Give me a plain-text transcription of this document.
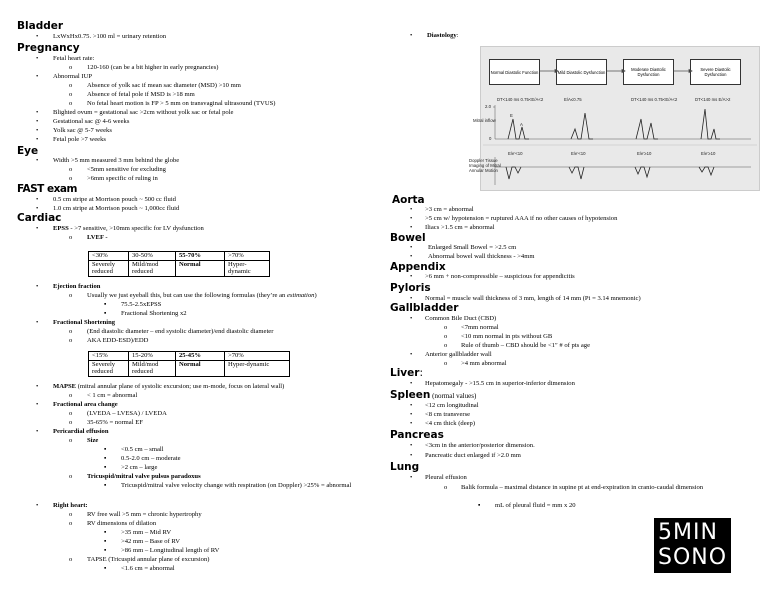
Bladder
• LxWxHx0.75. >100 ml = urinary retention
Pregnancy
• Fetal heart rate:
o 120-160 (can be a bit higher in early pregnancies)
• Abnormal IUP
o Absence of yolk sac if mean sac diameter (MSD) >10 mm
o Absence of fetal pole if MSD is >18 mm
o No fetal heart motion is FP > 5 mm on transvaginal ultrasound (TVUS)
• Blighted ovum = gestational sac >2cm without yolk sac or fetal pole
• Gestational sac @ 4-6 weeks
• Yolk sac @ 5-7 weeks
• Fetal pole >7 weeks
Eye
• Width >5 mm measured 3 mm behind the globe
o <5mm sensitive for excluding
o >6mm specific of ruling in
FAST exam
• 0.5 cm stripe at Morrison pouch ~ 500 cc fluid
• 1.0 cm stripe at Morrison pouch ~ 1,000cc fluid
Cardiac
• EPSS - >7 sensitive, >10mm specific for LV dysfunction
o LVEF -
<30%	30-50%	55-70%	>70%
Severely reduced	Mild/mod reduced	Normal	Hyper-dynamic
• Ejection fraction
o Usually we just eyeball this, but can use the following formulas (they’re an estimation)
▪ 75.5-2.5xEPSS
▪ Fractional Shortening x2
• Fractional Shortening
o (End diastolic diameter – end systolic diameter)/end diastolic diameter
o AKA EDD-ESD)/EDD
<15%	15-20%	25-45%	>70%
Severely reduced	Mild/mod reduced	Normal	Hyper-dynamic
• MAPSE (mitral annular plane of systolic excursion; use m-mode, focus on lateral wall)
o < 1 cm = abnormal
• Fractional area change
o (LVEDA – LVESA) / LVEDA
o 35-65% = normal EF
• Pericardial effusion
o Size
▪ <0.5 cm – small
▪ 0.5-2.0 cm – moderate
▪ >2 cm – large
o Tricuspid/mitral valve pulsus paradoxus
▪ Tricuspid/mitral valve velocity change with respiration (on Doppler) >25% = abnormal
• Right heart:
o RV free wall >5 mm = chronic hypertrophy
o RV dimensions of dilation
▪ >35 mm – Mid RV
▪ >42 mm – Base of RV
▪ >86 mm – Longitudinal length of RV
o TAPSE (Tricuspid annular plane of excursion)
▪ <1.6 cm = abnormal
• Diastology:
Normal Diastolic Function	Mild Diastolic Dysfunction	Moderate Diastolic Dysfunction
Severe Diastolic Dysfunction
DT<140 ms 0.75<E/A<2	E/A≤0.75	DT<140 ms 0.75<E/A<2	DT<140 ms E/A>2
Mitral inflow
Doppler Tissue Imaging of Mitral Annular Motion
E/e'<10	E/e'<10	E/e'≥10	E/e'≥10
E
A
2.0
0
Aorta
• >3 cm = abnormal
• >5 cm w/ hypotension = ruptured AAA if no other causes of hypotension
• Iliacs >1.5 cm = abnormal
Bowel
• Enlarged Small Bowel = >2.5 cm
• Abnormal bowel wall thickness - >4mm
Appendix
• >6 mm + non-compressible – suspicious for appendicitis
Pyloris
• Normal = muscle wall thickness of 3 mm, length of 14 mm (Pi = 3.14 mnemonic)
Gallbladder
• Common Bile Duct (CBD)
o <7mm normal
o <10 mm normal in pts without GB
o Rule of thumb – CBD should be <1″ # of pts age
• Anterior gallbladder wall
o >4 mm abnormal
Liver:
• Hepatomegaly - >15.5 cm in superior-inferior dimension
Spleen (normal values)
• <12 cm longitudinal
• <8 cm transverse
• <4 cm thick (deep)
Pancreas
• <3cm in the anterior/posterior dimension.
• Pancreatic duct enlarged if >2.0 mm
Lung
• Pleural effusion
o Balik formula – maximal distance in supine pt at end-expiration in cranio-caudal dimension
▪ mL of pleural fluid = mm x 20
5MIN
SONO
